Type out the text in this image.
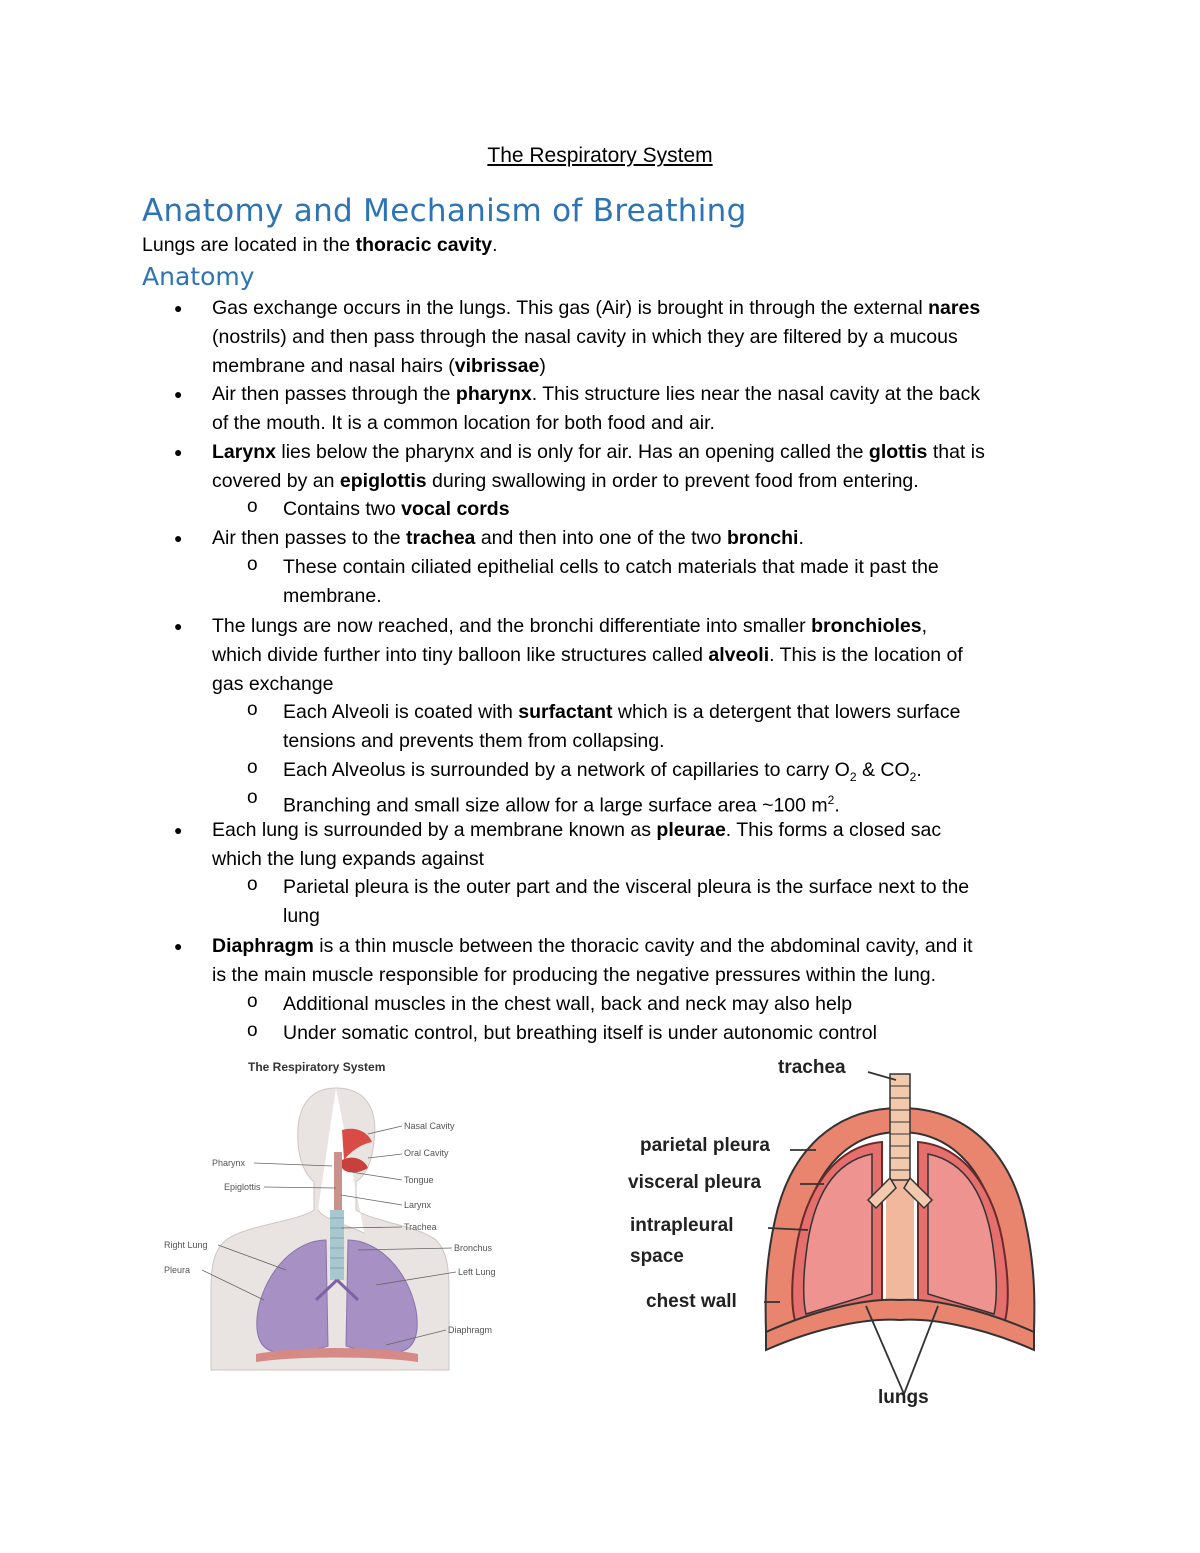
The Respiratory System
Anatomy and Mechanism of Breathing
Lungs are located in the thoracic cavity.
Anatomy
● Gas exchange occurs in the lungs. This gas (Air) is brought in through the external nares
(nostrils) and then pass through the nasal cavity in which they are filtered by a mucous
membrane and nasal hairs (vibrissae)
● Air then passes through the pharynx. This structure lies near the nasal cavity at the back
of the mouth. It is a common location for both food and air.
● Larynx lies below the pharynx and is only for air. Has an opening called the glottis that is
covered by an epiglottis during swallowing in order to prevent food from entering.
o Contains two vocal cords
● Air then passes to the trachea and then into one of the two bronchi.
o These contain ciliated epithelial cells to catch materials that made it past the
membrane.
● The lungs are now reached, and the bronchi differentiate into smaller bronchioles,
which divide further into tiny balloon like structures called alveoli. This is the location of
gas exchange
o Each Alveoli is coated with surfactant which is a detergent that lowers surface
tensions and prevents them from collapsing.
o Each Alveolus is surrounded by a network of capillaries to carry $O_2$ & $CO_2$.
o Branching and small size allow for a large surface area ~100 $m^2$.
● Each lung is surrounded by a membrane known as pleurae. This forms a closed sac
which the lung expands against
o Parietal pleura is the outer part and the visceral pleura is the surface next to the
lung
● Diaphragm is a thin muscle between the thoracic cavity and the abdominal cavity, and it
is the main muscle responsible for producing the negative pressures within the lung.
o Additional muscles in the chest wall, back and neck may also help
o Under somatic control, but breathing itself is under autonomic control
The Respiratory System
Nasal Cavity
Oral Cavity
Pharynx
Epiglottis
Tongue
Larynx
Trachea
Right Lung	Bronchus
Pleura	Left Lung
Diaphragm
trachea
parietal pleura
visceral pleura
intrapleural
space
chest wall
lungs
